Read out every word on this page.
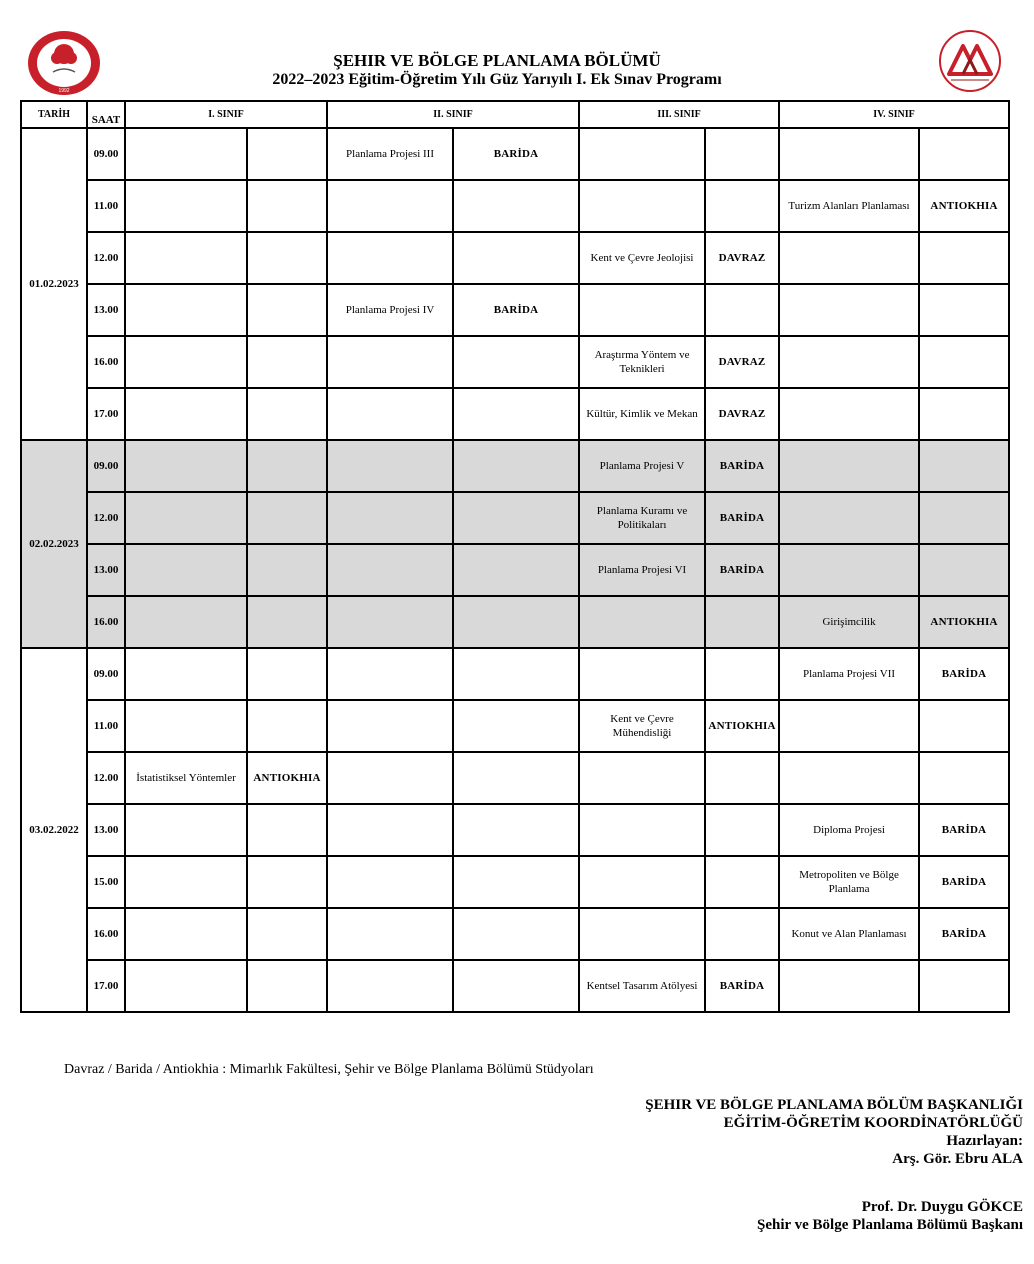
1992
ŞEHIR VE BÖLGE PLANLAMA BÖLÜMÜ
2022–2023 Eğitim-Öğretim Yılı Güz Yarıyılı I. Ek Sınav Programı
TARİH	SAAT	I. SINIF		II. SINIF		III. SINIF		IV. SINIF	
01.02.2023	09.00			Planlama Projesi III	BARİDA				
	11.00							Turizm Alanları Planlaması	ANTIOKHIA
	12.00					Kent ve Çevre Jeolojisi	DAVRAZ		
	13.00			Planlama Projesi IV	BARİDA				
	16.00					Araştırma Yöntem ve Teknikleri	DAVRAZ		
	17.00					Kültür, Kimlik ve Mekan	DAVRAZ		
02.02.2023	09.00					Planlama Projesi V	BARİDA		
	12.00					Planlama Kuramı ve Politikaları	BARİDA		
	13.00					Planlama Projesi VI	BARİDA		
	16.00							Girişimcilik	ANTIOKHIA
03.02.2022	09.00							Planlama Projesi VII	BARİDA
	11.00					Kent ve Çevre Mühendisliği	ANTIOKHIA		
	12.00	İstatistiksel Yöntemler	ANTIOKHIA						
	13.00							Diploma Projesi	BARİDA
	15.00							Metropoliten ve Bölge Planlama	BARİDA
	16.00							Konut ve Alan Planlaması	BARİDA
	17.00					Kentsel Tasarım Atölyesi	BARİDA		
Davraz / Barida / Antiokhia : Mimarlık Fakültesi, Şehir ve Bölge Planlama Bölümü Stüdyoları
ŞEHIR VE BÖLGE PLANLAMA BÖLÜM BAŞKANLIĞI
EĞİTİM-ÖĞRETİM KOORDİNATÖRLÜĞÜ
Hazırlayan:
Arş. Gör. Ebru ALA
Prof. Dr. Duygu GÖKCE
Şehir ve Bölge Planlama Bölümü Başkanı
